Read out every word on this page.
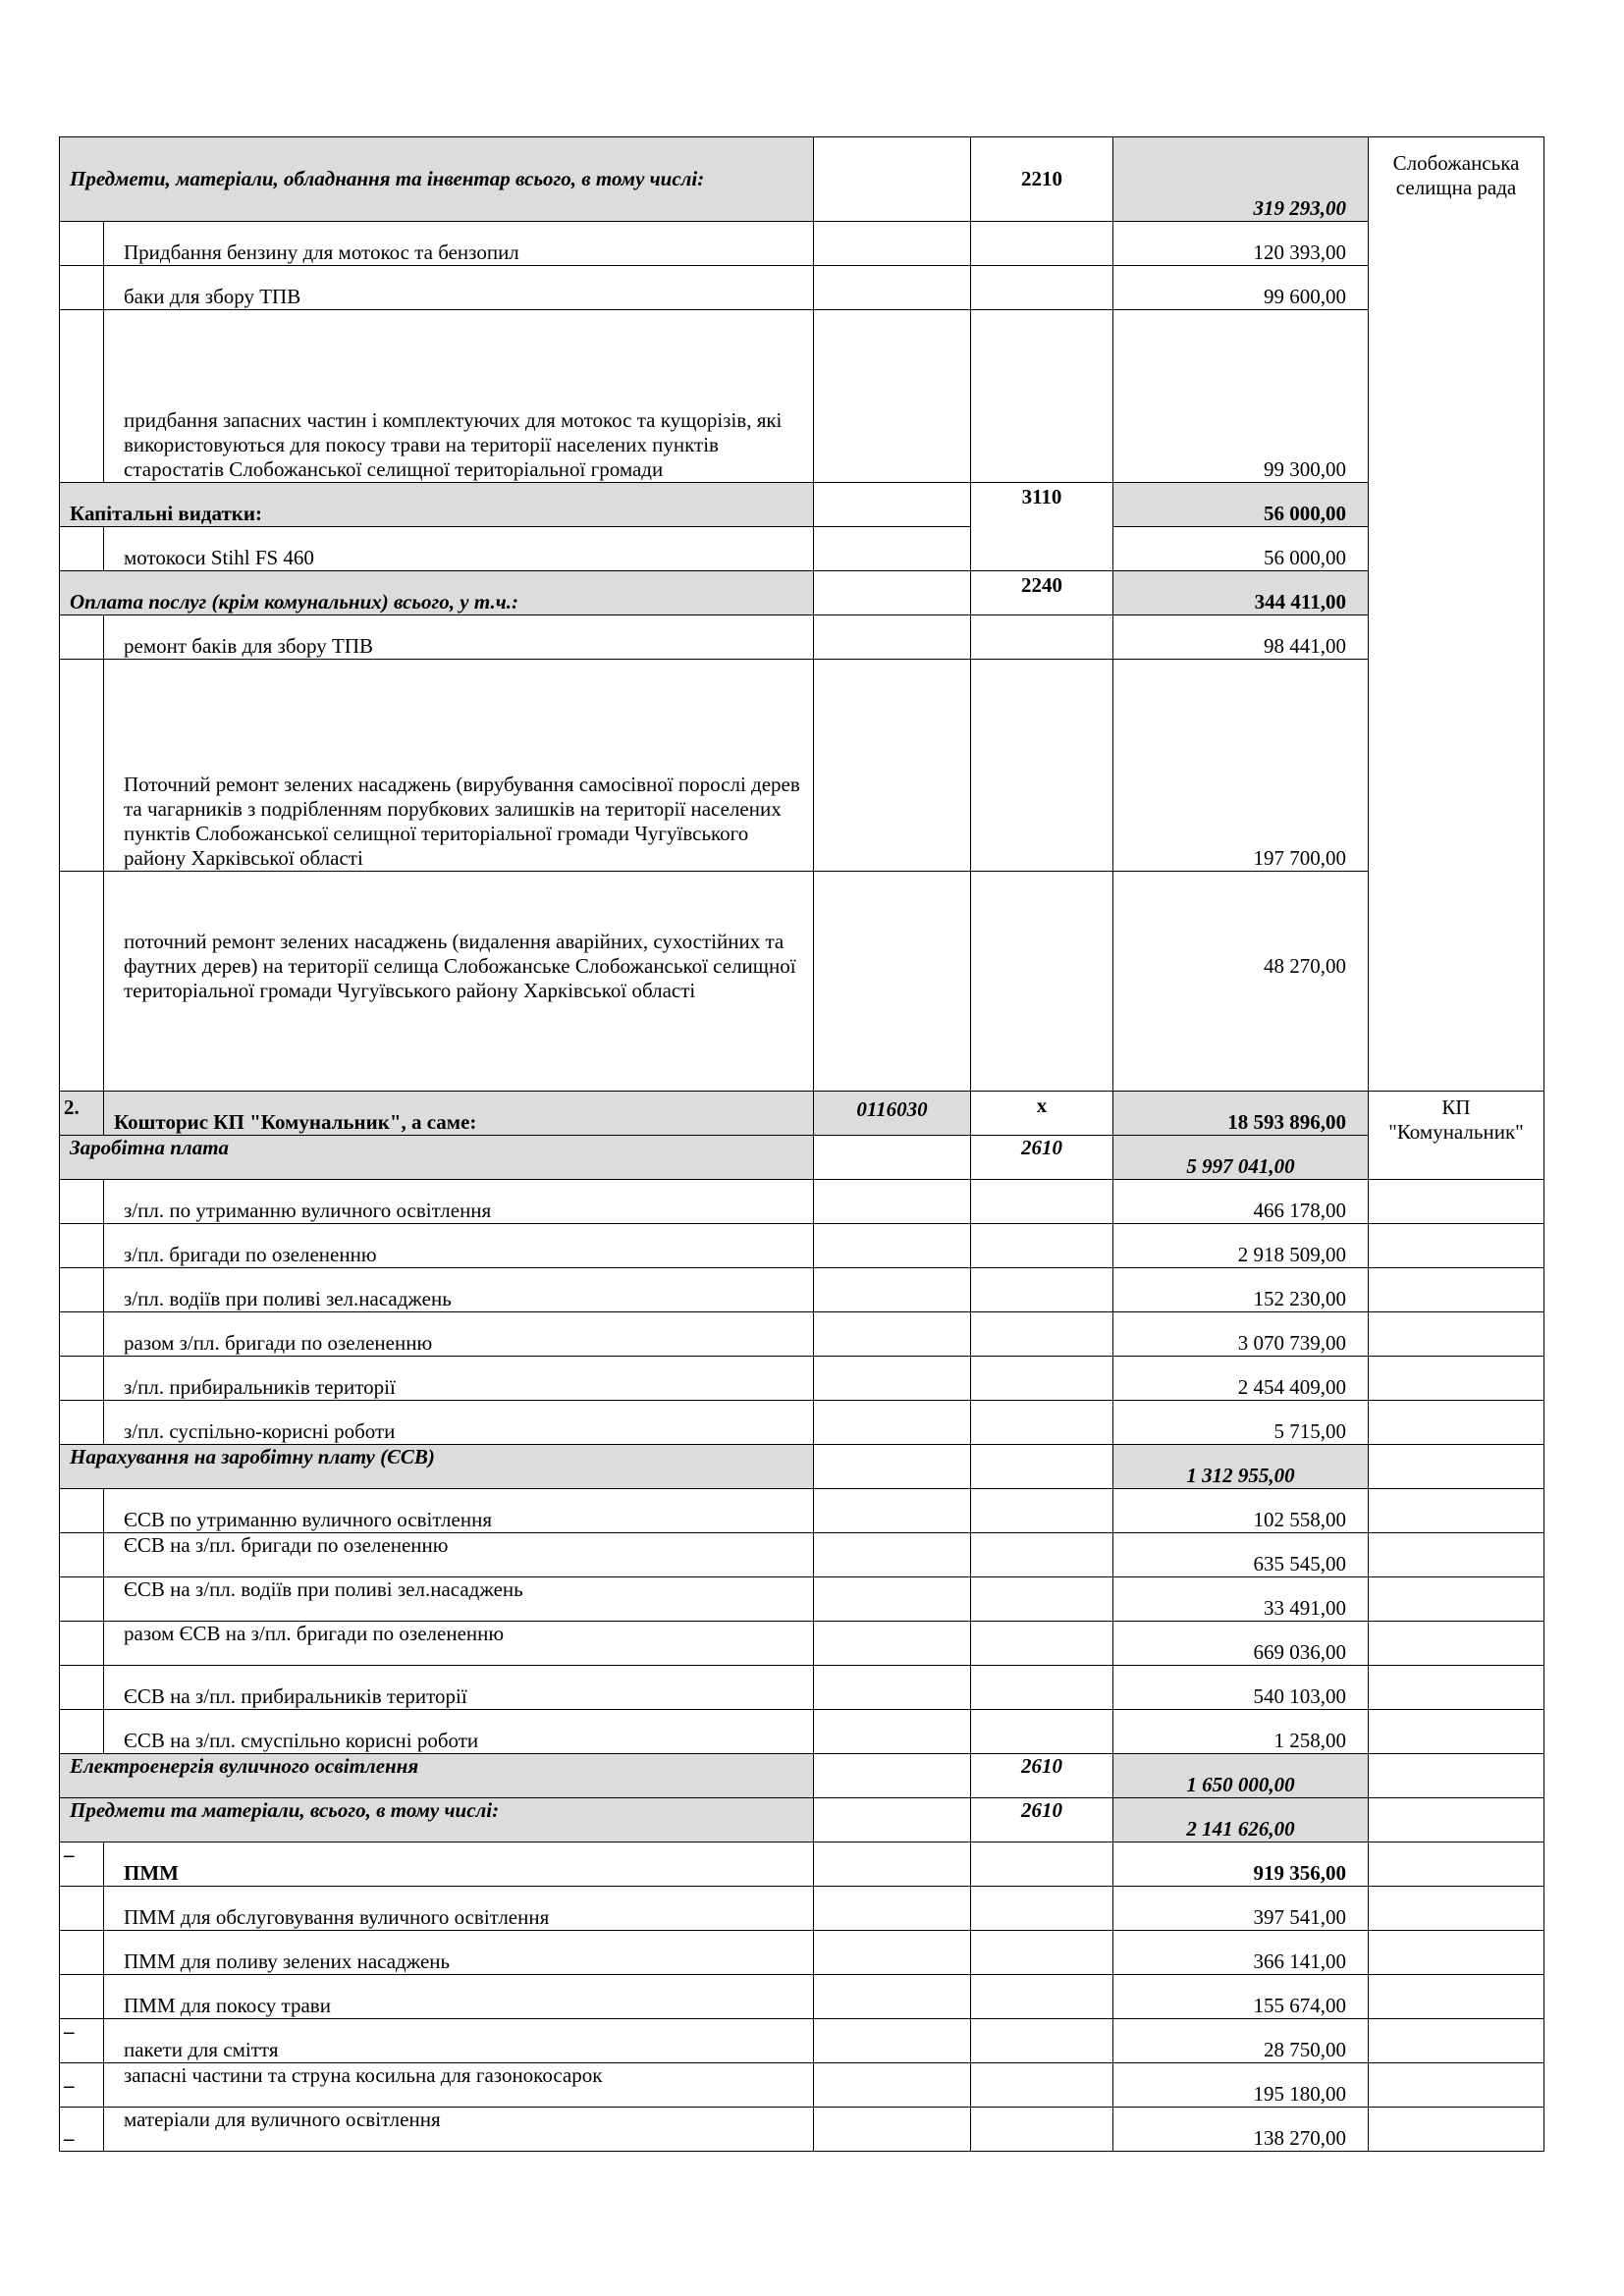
Предмети, матеріали, обладнання та інвентар всього, в тому числі:			2210	319 293,00	Слобожанська селищна рада
	Придбання бензину для мотокос та бензопил			120 393,00	
	баки для збору ТПВ			99 600,00	
	придбання запасних частин і комплектуючих для мотокос та кущорізів, які використовуються для покосу трави на території населених пунктів старостатів Слобожанської селищної територіальної громади			99 300,00	
Капітальні видатки:			3110	56 000,00	
	мотокоси Stihl FS 460			56 000,00	
Оплата послуг (крім комунальних) всього, у т.ч.:			2240	344 411,00	
	ремонт баків для збору ТПВ			98 441,00	
	Поточний ремонт зелених насаджень (вирубування самосівної порослі дерев та чагарників з подрібленням порубкових залишків на території населених пунктів Слобожанської селищної територіальної громади Чугуївського району Харківської області			197 700,00	
	поточний ремонт зелених насаджень (видалення аварійних, сухостійних та фаутних дерев) на території селища Слобожанське Слобожанської селищної територіальної громади Чугуївського району Харківської області			48 270,00	
2.	Кошторис КП "Комунальник", а саме:	0116030	х	18 593 896,00	КП "Комунальник"
Заробітна плата			2610	5 997 041,00	
	з/пл. по утриманню вуличного освітлення			466 178,00	
	з/пл. бригади по озелененню			2 918 509,00	
	з/пл. водіїв при поливі зел.насаджень			152 230,00	
	разом з/пл. бригади по озелененню			3 070 739,00	
	з/пл. прибиральників території			2 454 409,00	
	з/пл. суспільно-корисні роботи			5 715,00	
Нарахування на заробітну плату (ЄСВ)				1 312 955,00	
	ЄСВ по утриманню вуличного освітлення			102 558,00	
	ЄСВ на з/пл. бригади по озелененню			635 545,00	
	ЄСВ на з/пл. водіїв при поливі зел.насаджень			33 491,00	
	разом ЄСВ на з/пл. бригади по озелененню			669 036,00	
	ЄСВ на з/пл. прибиральників території			540 103,00	
	ЄСВ на з/пл. смуспільно корисні роботи			1 258,00	
Електроенергія вуличного освітлення			2610	1 650 000,00	
Предмети та матеріали, всього, в тому числі:			2610	2 141 626,00	
–	ПММ			919 356,00	
	ПММ для обслуговування вуличного освітлення			397 541,00	
	ПММ для поливу зелених насаджень			366 141,00	
	ПММ для покосу трави			155 674,00	
–	пакети для сміття			28 750,00	
–	запасні частини та струна косильна для газонокосарок			195 180,00	
–	матеріали для вуличного освітлення			138 270,00	
